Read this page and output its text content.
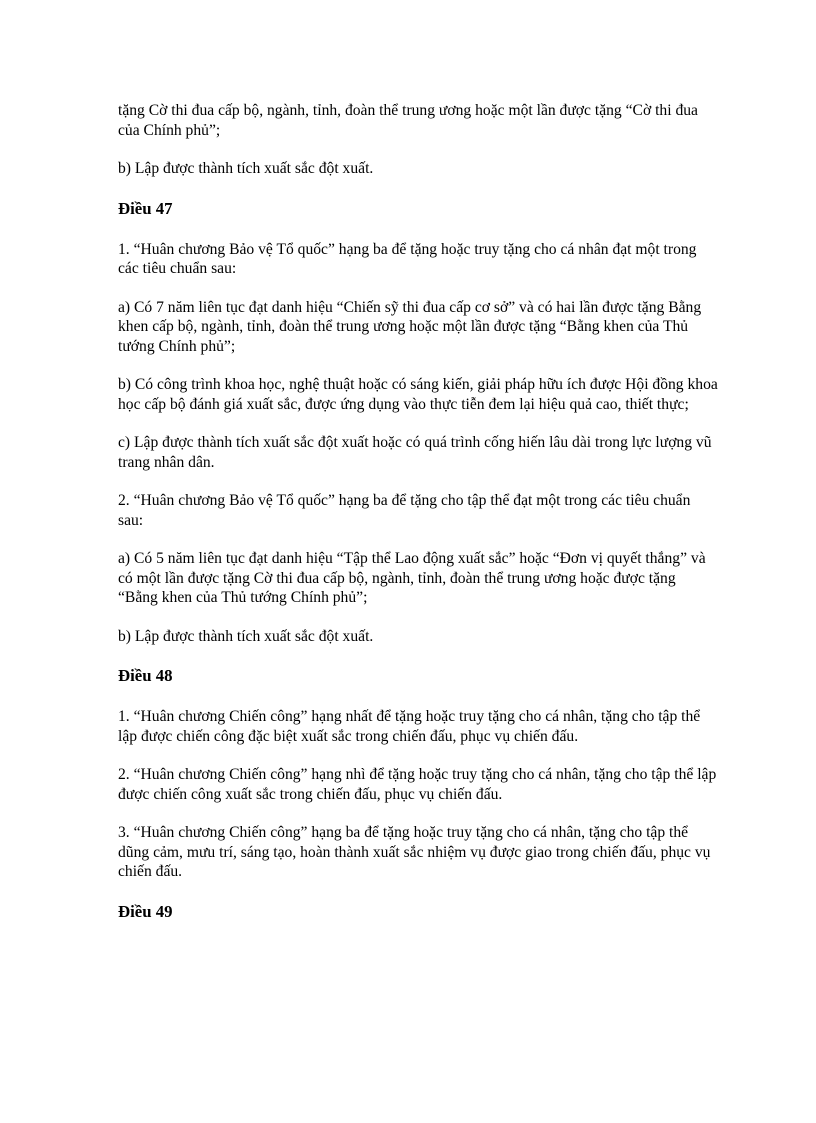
tặng Cờ thi đua cấp bộ, ngành, tỉnh, đoàn thể trung ương hoặc một lần được tặng “Cờ thi đua của Chính phủ”;

b) Lập được thành tích xuất sắc đột xuất.

Điều 47

1. “Huân chương Bảo vệ Tổ quốc” hạng ba để tặng hoặc truy tặng cho cá nhân đạt một trong các tiêu chuẩn sau:

a) Có 7 năm liên tục đạt danh hiệu “Chiến sỹ thi đua cấp cơ sở” và có hai lần được tặng Bằng khen cấp bộ, ngành, tỉnh, đoàn thể trung ương hoặc một lần được tặng “Bằng khen của Thủ tướng Chính phủ”;

b) Có công trình khoa học, nghệ thuật hoặc có sáng kiến, giải pháp hữu ích được Hội đồng khoa học cấp bộ đánh giá xuất sắc, được ứng dụng vào thực tiễn đem lại hiệu quả cao, thiết thực;

c) Lập được thành tích xuất sắc đột xuất hoặc có quá trình cống hiến lâu dài trong lực lượng vũ trang nhân dân.

2. “Huân chương Bảo vệ Tổ quốc” hạng ba để tặng cho tập thể đạt một trong các tiêu chuẩn sau:

a) Có 5 năm liên tục đạt danh hiệu “Tập thể Lao động xuất sắc” hoặc “Đơn vị quyết thắng” và có một lần được tặng Cờ thi đua cấp bộ, ngành, tỉnh, đoàn thể trung ương hoặc được tặng “Bằng khen của Thủ tướng Chính phủ”;

b) Lập được thành tích xuất sắc đột xuất.

Điều 48

1. “Huân chương Chiến công” hạng nhất để tặng hoặc truy tặng cho cá nhân, tặng cho tập thể lập được chiến công đặc biệt xuất sắc trong chiến đấu, phục vụ chiến đấu.

2. “Huân chương Chiến công” hạng nhì để tặng hoặc truy tặng cho cá nhân, tặng cho tập thể lập được chiến công xuất sắc trong chiến đấu, phục vụ chiến đấu.

3. “Huân chương Chiến công” hạng ba để tặng hoặc truy tặng cho cá nhân, tặng cho tập thể dũng cảm, mưu trí, sáng tạo, hoàn thành xuất sắc nhiệm vụ được giao trong chiến đấu, phục vụ chiến đấu.

Điều 49
